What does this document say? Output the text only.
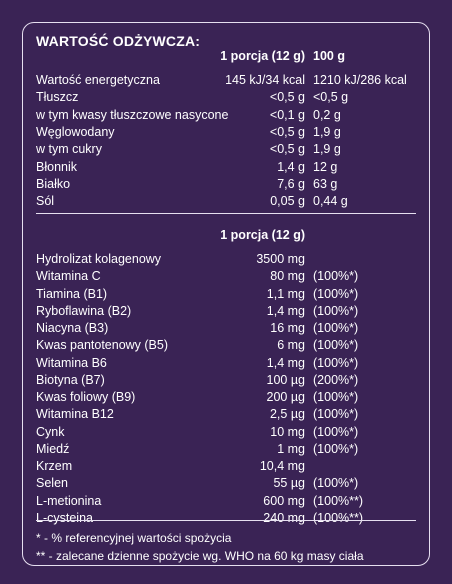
WARTOŚĆ ODŻYWCZA:
1 porcja (12 g) 100 g
Wartość energetyczna	145 kJ/34 kcal 1210 kJ/286 kcal
Tłuszcz	<0,5 g <0,5 g
w tym kwasy tłuszczowe nasycone	<0,1 g 0,2 g
Węglowodany	<0,5 g 1,9 g
w tym cukry	<0,5 g 1,9 g
Błonnik	1,4 g 12 g
Białko	7,6 g 63 g
Sól	0,05 g 0,44 g
1 porcja (12 g)
Hydrolizat kolagenowy	3500 mg
Witamina C	80 mg (100%*)
Tiamina (B1)	1,1 mg (100%*)
Ryboflawina (B2)	1,4 mg (100%*)
Niacyna (B3)	16 mg (100%*)
Kwas pantotenowy (B5)	6 mg (100%*)
Witamina B6	1,4 mg (100%*)
Biotyna (B7)	100 µg (200%*)
Kwas foliowy (B9)	200 µg (100%*)
Witamina B12	2,5 µg (100%*)
Cynk	10 mg (100%*)
Miedź	1 mg (100%*)
Krzem	10,4 mg
Selen	55 µg (100%*)
L-metionina	600 mg (100%**)
L-cysteina	240 mg (100%**)
* - % referencyjnej wartości spożycia
** - zalecane dzienne spożycie wg. WHO na 60 kg masy ciała
